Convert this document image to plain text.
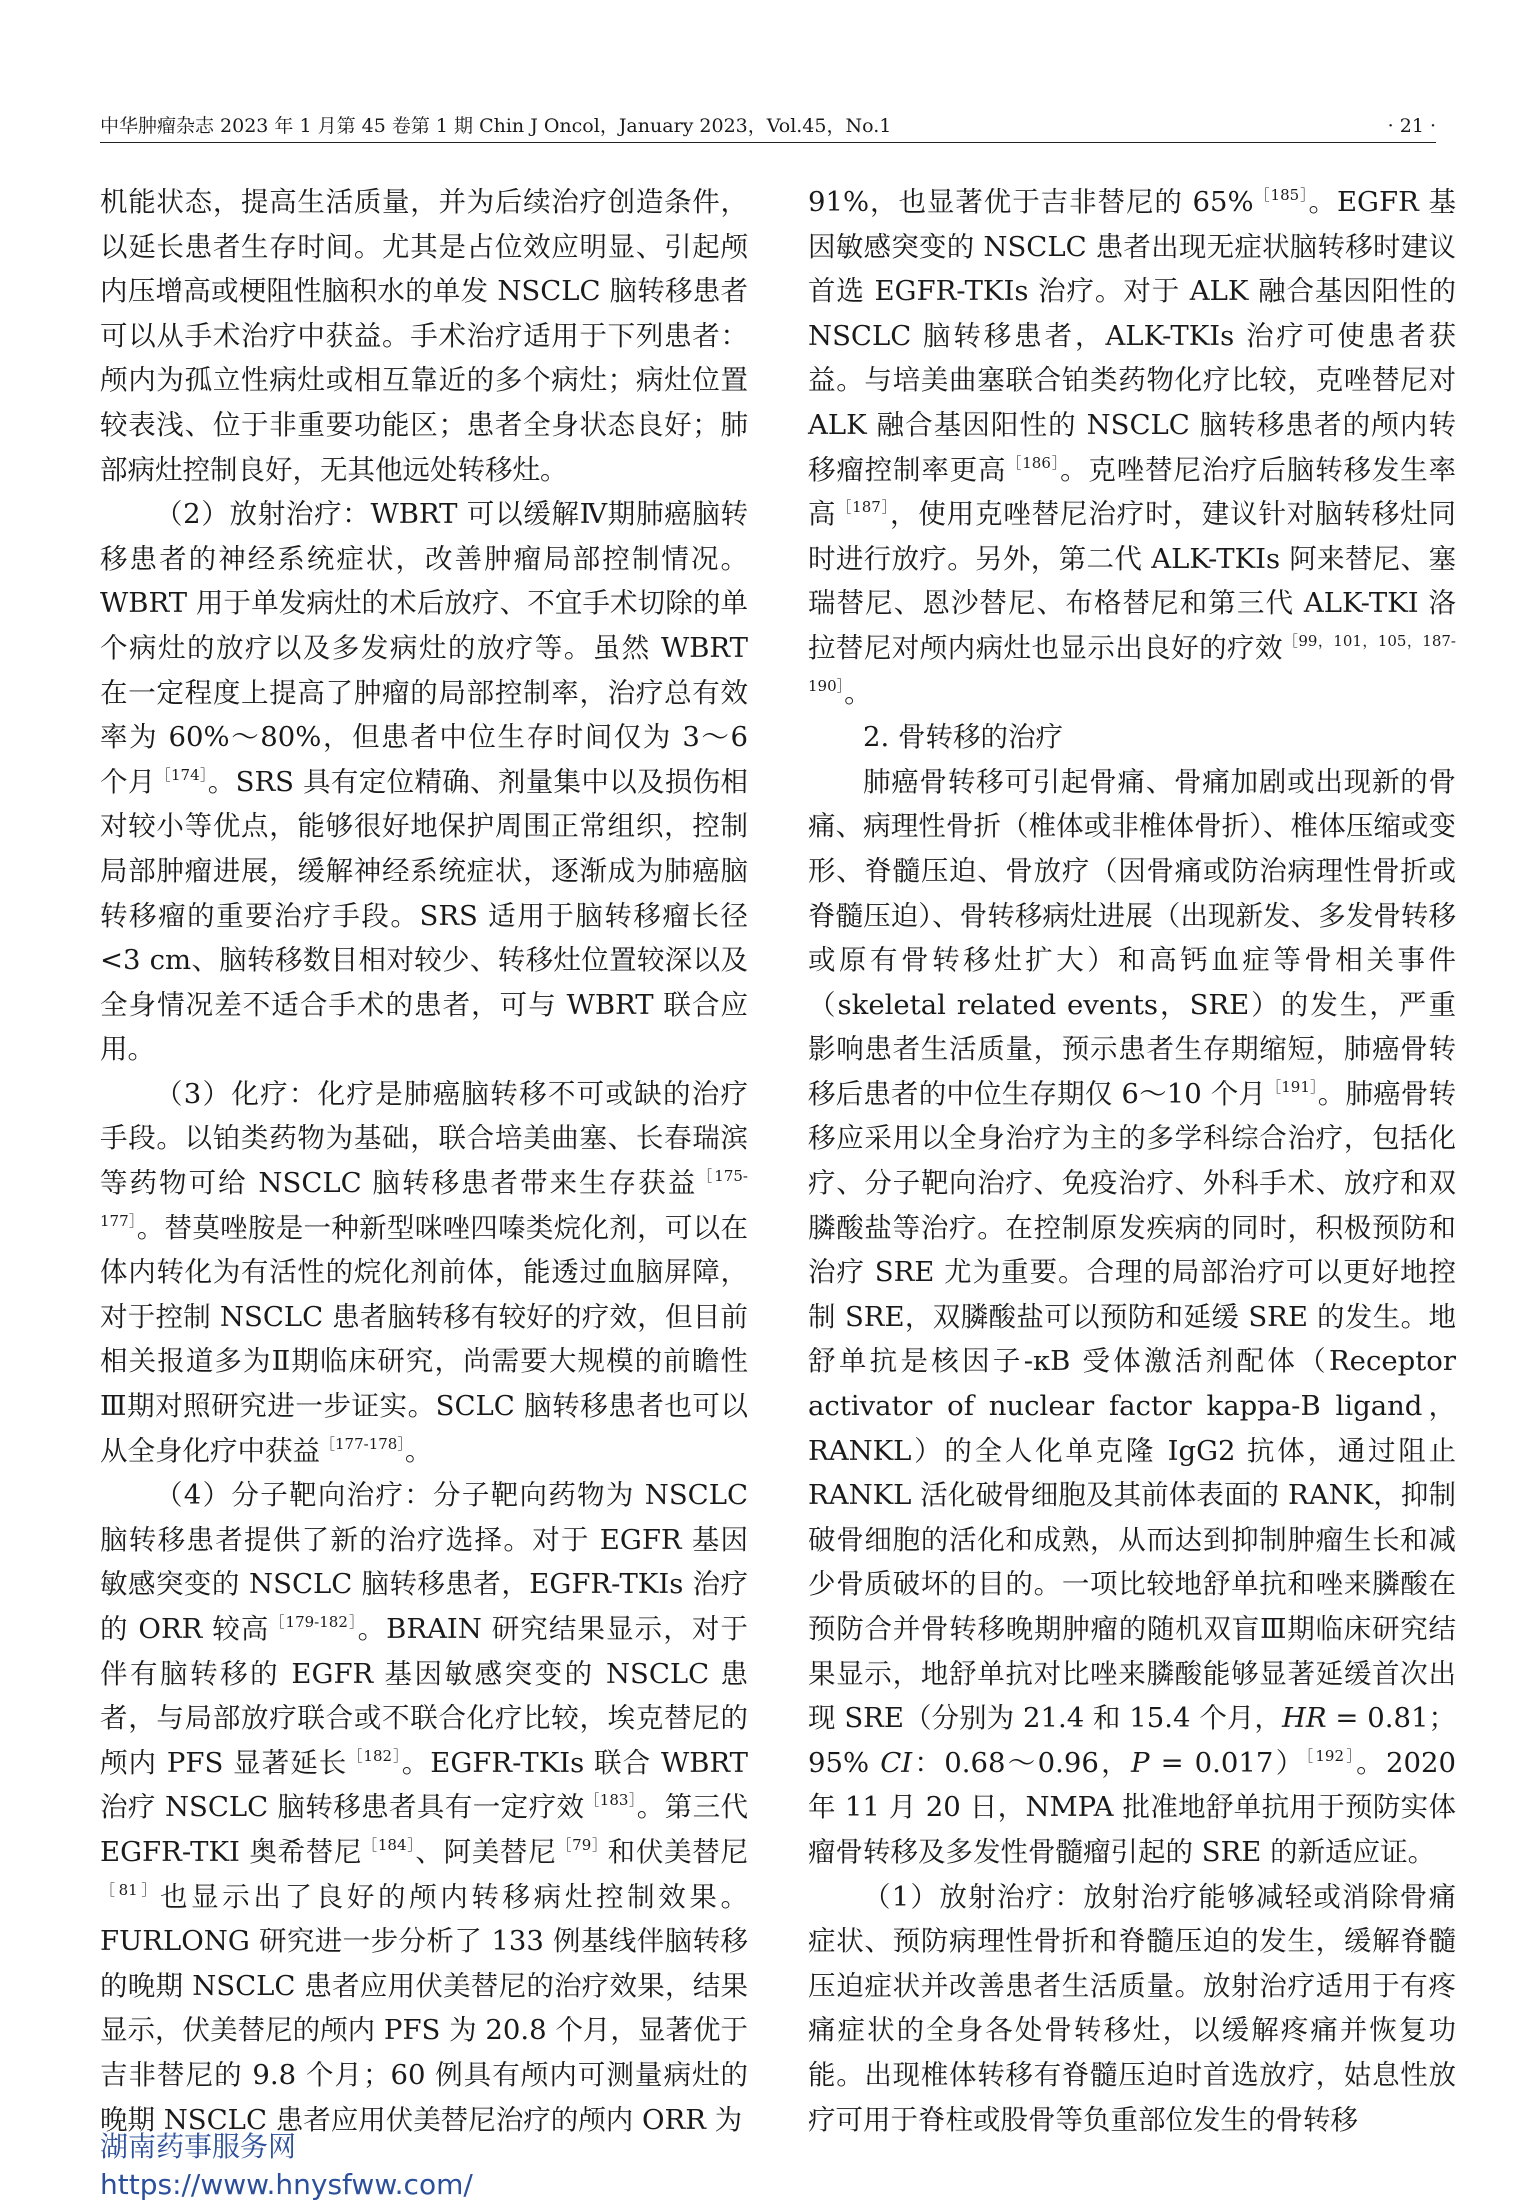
中华肿瘤杂志 2023 年 1 月第 45 卷第 1 期 Chin J Oncol，January 2023，Vol.45，No.1	· 21 ·

机能状态，提高生活质量，并为后续治疗创造条件，以延长患者生存时间。尤其是占位效应明显、引起颅内压增高或梗阻性脑积水的单发 NSCLC 脑转移患者可以从手术治疗中获益。手术治疗适用于下列患者：颅内为孤立性病灶或相互靠近的多个病灶；病灶位置较表浅、位于非重要功能区；患者全身状态良好；肺部病灶控制良好，无其他远处转移灶。

（2）放射治疗：WBRT 可以缓解Ⅳ期肺癌脑转移患者的神经系统症状，改善肿瘤局部控制情况。WBRT 用于单发病灶的术后放疗、不宜手术切除的单个病灶的放疗以及多发病灶的放疗等。虽然 WBRT 在一定程度上提高了肿瘤的局部控制率，治疗总有效率为 60%～80%，但患者中位生存时间仅为 3～6 个月$^{[174]}$。SRS 具有定位精确、剂量集中以及损伤相对较小等优点，能够很好地保护周围正常组织，控制局部肿瘤进展，缓解神经系统症状，逐渐成为肺癌脑转移瘤的重要治疗手段。SRS 适用于脑转移瘤长径<3 cm、脑转移数目相对较少、转移灶位置较深以及全身情况差不适合手术的患者，可与 WBRT 联合应用。

（3）化疗：化疗是肺癌脑转移不可或缺的治疗手段。以铂类药物为基础，联合培美曲塞、长春瑞滨等药物可给 NSCLC 脑转移患者带来生存获益$^{[175-177]}$。替莫唑胺是一种新型咪唑四嗪类烷化剂，可以在体内转化为有活性的烷化剂前体，能透过血脑屏障，对于控制 NSCLC 患者脑转移有较好的疗效，但目前相关报道多为Ⅱ期临床研究，尚需要大规模的前瞻性Ⅲ期对照研究进一步证实。SCLC 脑转移患者也可以从全身化疗中获益$^{[177-178]}$。

（4）分子靶向治疗：分子靶向药物为 NSCLC 脑转移患者提供了新的治疗选择。对于 EGFR 基因敏感突变的 NSCLC 脑转移患者，EGFR-TKIs 治疗的 ORR 较高$^{[179-182]}$。BRAIN 研究结果显示，对于伴有脑转移的 EGFR 基因敏感突变的 NSCLC 患者，与局部放疗联合或不联合化疗比较，埃克替尼的颅内 PFS 显著延长$^{[182]}$。EGFR-TKIs 联合 WBRT 治疗 NSCLC 脑转移患者具有一定疗效$^{[183]}$。第三代 EGFR-TKI 奥希替尼$^{[184]}$、阿美替尼$^{[79]}$和伏美替尼$^{[81]}$也显示出了良好的颅内转移病灶控制效果。FURLONG 研究进一步分析了 133 例基线伴脑转移的晚期 NSCLC 患者应用伏美替尼的治疗效果，结果显示，伏美替尼的颅内 PFS 为 20.8 个月，显著优于吉非替尼的 9.8 个月；60 例具有颅内可测量病灶的晚期 NSCLC 患者应用伏美替尼治疗的颅内 ORR 为

91%，也显著优于吉非替尼的 65%$^{[185]}$。EGFR 基因敏感突变的 NSCLC 患者出现无症状脑转移时建议首选 EGFR-TKIs 治疗。对于 ALK 融合基因阳性的 NSCLC 脑转移患者，ALK-TKIs 治疗可使患者获益。与培美曲塞联合铂类药物化疗比较，克唑替尼对 ALK 融合基因阳性的 NSCLC 脑转移患者的颅内转移瘤控制率更高$^{[186]}$。克唑替尼治疗后脑转移发生率高$^{[187]}$，使用克唑替尼治疗时，建议针对脑转移灶同时进行放疗。另外，第二代 ALK-TKIs 阿来替尼、塞瑞替尼、恩沙替尼、布格替尼和第三代 ALK-TKI 洛拉替尼对颅内病灶也显示出良好的疗效$^{[99,101,105,187-190]}$。

2. 骨转移的治疗

肺癌骨转移可引起骨痛、骨痛加剧或出现新的骨痛、病理性骨折（椎体或非椎体骨折）、椎体压缩或变形、脊髓压迫、骨放疗（因骨痛或防治病理性骨折或脊髓压迫）、骨转移病灶进展（出现新发、多发骨转移或原有骨转移灶扩大）和高钙血症等骨相关事件（skeletal related events，SRE）的发生，严重影响患者生活质量，预示患者生存期缩短，肺癌骨转移后患者的中位生存期仅 6～10 个月$^{[191]}$。肺癌骨转移应采用以全身治疗为主的多学科综合治疗，包括化疗、分子靶向治疗、免疫治疗、外科手术、放疗和双膦酸盐等治疗。在控制原发疾病的同时，积极预防和治疗 SRE 尤为重要。合理的局部治疗可以更好地控制 SRE，双膦酸盐可以预防和延缓 SRE 的发生。地舒单抗是核因子-κB 受体激活剂配体（Receptor activator of nuclear factor kappa-B ligand，RANKL）的全人化单克隆 IgG2 抗体，通过阻止 RANKL 活化破骨细胞及其前体表面的 RANK，抑制破骨细胞的活化和成熟，从而达到抑制肿瘤生长和减少骨质破坏的目的。一项比较地舒单抗和唑来膦酸在预防合并骨转移晚期肿瘤的随机双盲Ⅲ期临床研究结果显示，地舒单抗对比唑来膦酸能够显著延缓首次出现 SRE（分别为 21.4 和 15.4 个月，HR = 0.81；95% CI：0.68～0.96，P = 0.017）$^{[192]}$。2020 年 11 月 20 日，NMPA 批准地舒单抗用于预防实体瘤骨转移及多发性骨髓瘤引起的 SRE 的新适应证。

（1）放射治疗：放射治疗能够减轻或消除骨痛症状、预防病理性骨折和脊髓压迫的发生，缓解脊髓压迫症状并改善患者生活质量。放射治疗适用于有疼痛症状的全身各处骨转移灶，以缓解疼痛并恢复功能。出现椎体转移有脊髓压迫时首选放疗，姑息性放疗可用于脊柱或股骨等负重部位发生的骨转移

湖南药事服务网
https://www.hnysfww.com/
